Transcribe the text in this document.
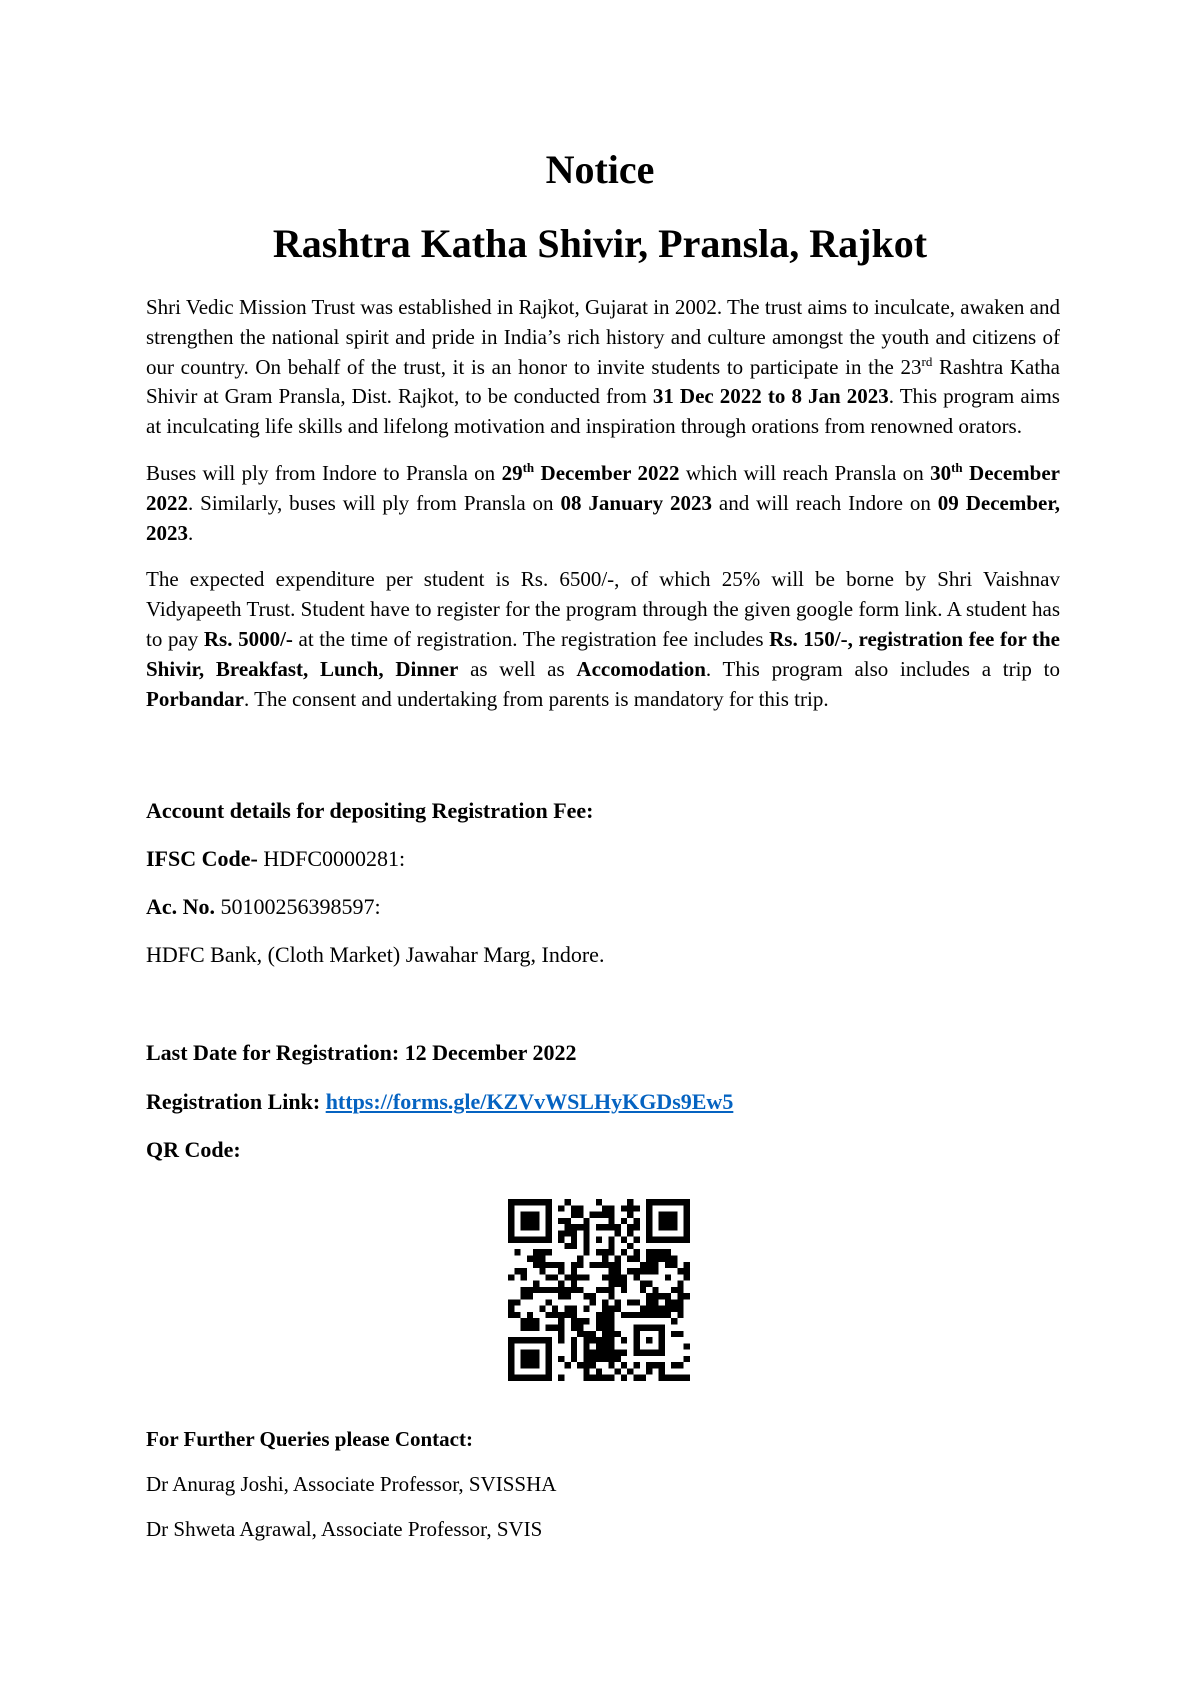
Notice
Rashtra Katha Shivir, Pransla, Rajkot

Shri Vedic Mission Trust was established in Rajkot, Gujarat in 2002. The trust aims to inculcate, awaken and strengthen the national spirit and pride in India’s rich history and culture amongst the youth and citizens of our country. On behalf of the trust, it is an honor to invite students to participate in the 23rd Rashtra Katha Shivir at Gram Pransla, Dist. Rajkot, to be conducted from 31 Dec 2022 to 8 Jan 2023. This program aims at inculcating life skills and lifelong motivation and inspiration through orations from renowned orators.

Buses will ply from Indore to Pransla on 29th December 2022 which will reach Pransla on 30th December 2022. Similarly, buses will ply from Pransla on 08 January 2023 and will reach Indore on 09 December, 2023.

The expected expenditure per student is Rs. 6500/-, of which 25% will be borne by Shri Vaishnav Vidyapeeth Trust. Student have to register for the program through the given google form link. A student has to pay Rs. 5000/- at the time of registration. The registration fee includes Rs. 150/-, registration fee for the Shivir, Breakfast, Lunch, Dinner as well as Accomodation. This program also includes a trip to Porbandar. The consent and undertaking from parents is mandatory for this trip.

Account details for depositing Registration Fee:

IFSC Code- HDFC0000281:

Ac. No. 50100256398597:

HDFC Bank, (Cloth Market) Jawahar Marg, Indore.

Last Date for Registration: 12 December 2022

Registration Link: https://forms.gle/KZVvWSLHyKGDs9Ew5

QR Code:

For Further Queries please Contact:

Dr Anurag Joshi, Associate Professor, SVISSHA

Dr Shweta Agrawal, Associate Professor, SVIS
